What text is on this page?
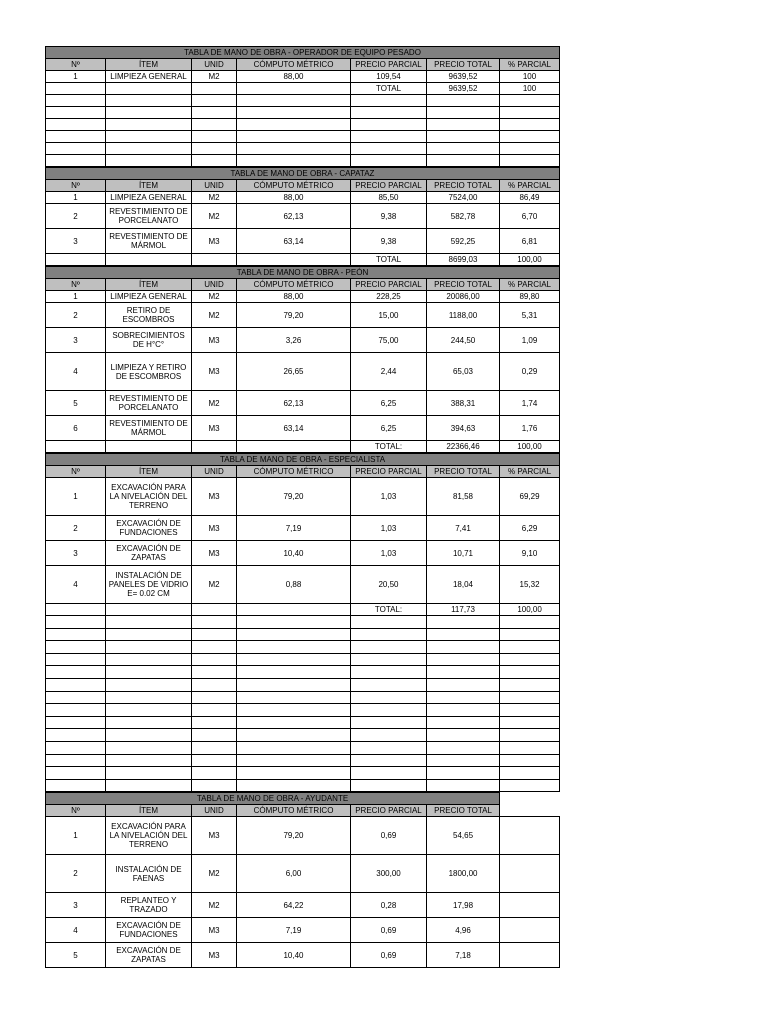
TABLA DE MANO DE OBRA - OPERADOR DE EQUIPO PESADO						
Nº	ÍTEM	UNID	CÓMPUTO MÉTRICO	PRECIO PARCIAL	PRECIO TOTAL	% PARCIAL
1	LIMPIEZA GENERAL	M2	88,00	109,54	9639,52	100
				TOTAL	9639,52	100

TABLA DE MANO DE OBRA - CAPATAZ						
Nº	ÍTEM	UNID	CÓMPUTO MÉTRICO	PRECIO PARCIAL	PRECIO TOTAL	% PARCIAL
1	LIMPIEZA GENERAL	M2	88,00	85,50	7524,00	86,49
2	REVESTIMIENTO DE PORCELANATO	M2	62,13	9,38	582,78	6,70
3	REVESTIMIENTO DE MÁRMOL	M3	63,14	9,38	592,25	6,81
				TOTAL	8699,03	100,00
TABLA DE MANO DE OBRA - PEÓN						
Nº	ÍTEM	UNID	CÓMPUTO MÉTRICO	PRECIO PARCIAL	PRECIO TOTAL	% PARCIAL
1	LIMPIEZA GENERAL	M2	88,00	228,25	20086,00	89,80
2	RETIRO DE ESCOMBROS	M2	79,20	15,00	1188,00	5,31
3	SOBRECIMIENTOS DE H°C°	M3	3,26	75,00	244,50	1,09
4	LIMPIEZA Y RETIRO DE ESCOMBROS	M3	26,65	2,44	65,03	0,29
5	REVESTIMIENTO DE PORCELANATO	M2	62,13	6,25	388,31	1,74
6	REVESTIMIENTO DE MÁRMOL	M3	63,14	6,25	394,63	1,76
				TOTAL:	22366,46	100,00
TABLA DE MANO DE OBRA - ESPECIALISTA						
Nº	ÍTEM	UNID	CÓMPUTO MÉTRICO	PRECIO PARCIAL	PRECIO TOTAL	% PARCIAL
1	EXCAVACIÓN PARA LA NIVELACIÓN DEL TERRENO	M3	79,20	1,03	81,58	69,29
2	EXCAVACIÓN DE FUNDACIONES	M3	7,19	1,03	7,41	6,29
3	EXCAVACIÓN DE ZAPATAS	M3	10,40	1,03	10,71	9,10
4	INSTALACIÓN DE PANELES DE VIDRIO E= 0.02 CM	M2	0,88	20,50	18,04	15,32
				TOTAL:	117,73	100,00

TABLA DE MANO DE OBRA - AYUDANTE						
Nº	ÍTEM	UNID	CÓMPUTO MÉTRICO	PRECIO PARCIAL	PRECIO TOTAL	
1	EXCAVACIÓN PARA LA NIVELACIÓN DEL TERRENO	M3	79,20	0,69	54,65	
2	INSTALACIÓN DE FAENAS	M2	6,00	300,00	1800,00	
3	REPLANTEO Y TRAZADO	M2	64,22	0,28	17,98	
4	EXCAVACIÓN DE FUNDACIONES	M3	7,19	0,69	4,96	
5	EXCAVACIÓN DE ZAPATAS	M3	10,40	0,69	7,18	
